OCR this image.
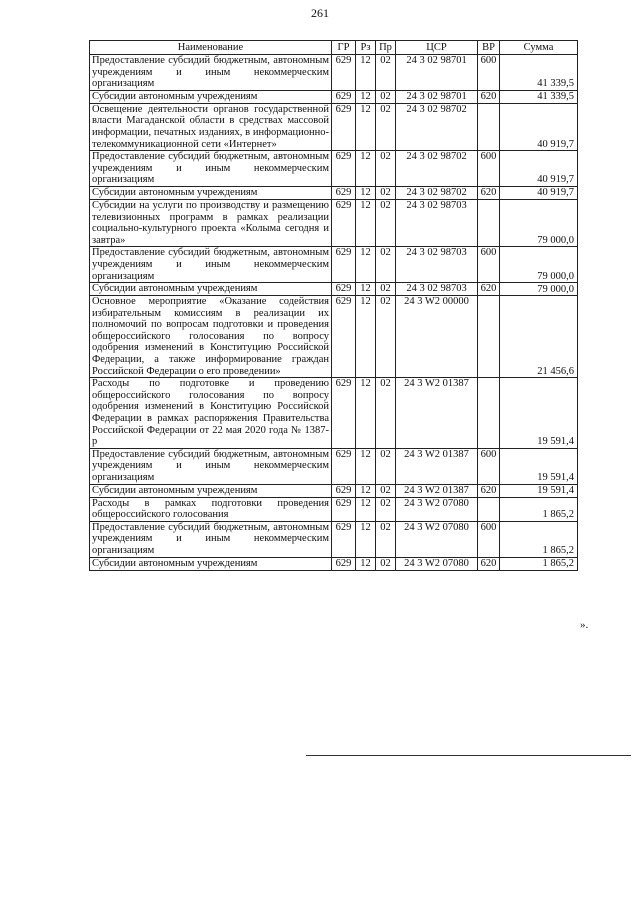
261
Наименование	ГР	Рз	Пр	ЦСР	ВР	Сумма
Предоставление субсидий бюджетным, автономным учреждениям и иным некоммерческим организациям	629	12	02	24 3 02 98701	600	41 339,5
Субсидии автономным учреждениям	629	12	02	24 3 02 98701	620	41 339,5
Освещение деятельности органов государственной власти Магаданской области в средствах массовой информации, печатных изданиях, в информационно-телекоммуникационной сети «Интернет»	629	12	02	24 3 02 98702		40 919,7
Предоставление субсидий бюджетным, автономным учреждениям и иным некоммерческим организациям	629	12	02	24 3 02 98702	600	40 919,7
Субсидии автономным учреждениям	629	12	02	24 3 02 98702	620	40 919,7
Субсидии на услуги по производству и размещению телевизионных программ в рамках реализации социально-культурного проекта «Колыма сегодня и завтра»	629	12	02	24 3 02 98703		79 000,0
Предоставление субсидий бюджетным, автономным учреждениям и иным некоммерческим организациям	629	12	02	24 3 02 98703	600	79 000,0
Субсидии автономным учреждениям	629	12	02	24 3 02 98703	620	79 000,0
Основное мероприятие «Оказание содействия избирательным комиссиям в реализации их полномочий по вопросам подготовки и проведения общероссийского голосования по вопросу одобрения изменений в Конституцию Российской Федерации, а также информирование граждан Российской Федерации о его проведении»	629	12	02	24 3 W2 00000		21 456,6
Расходы по подготовке и проведению общероссийского голосования по вопросу одобрения изменений в Конституцию Российской Федерации в рамках распоряжения Правительства Российской Федерации от 22 мая 2020 года № 1387-р	629	12	02	24 3 W2 01387		19 591,4
Предоставление субсидий бюджетным, автономным учреждениям и иным некоммерческим организациям	629	12	02	24 3 W2 01387	600	19 591,4
Субсидии автономным учреждениям	629	12	02	24 3 W2 01387	620	19 591,4
Расходы в рамках подготовки проведения общероссийского голосования	629	12	02	24 3 W2 07080		1 865,2
Предоставление субсидий бюджетным, автономным учреждениям и иным некоммерческим организациям	629	12	02	24 3 W2 07080	600	1 865,2
Субсидии автономным учреждениям	629	12	02	24 3 W2 07080	620	1 865,2
».
